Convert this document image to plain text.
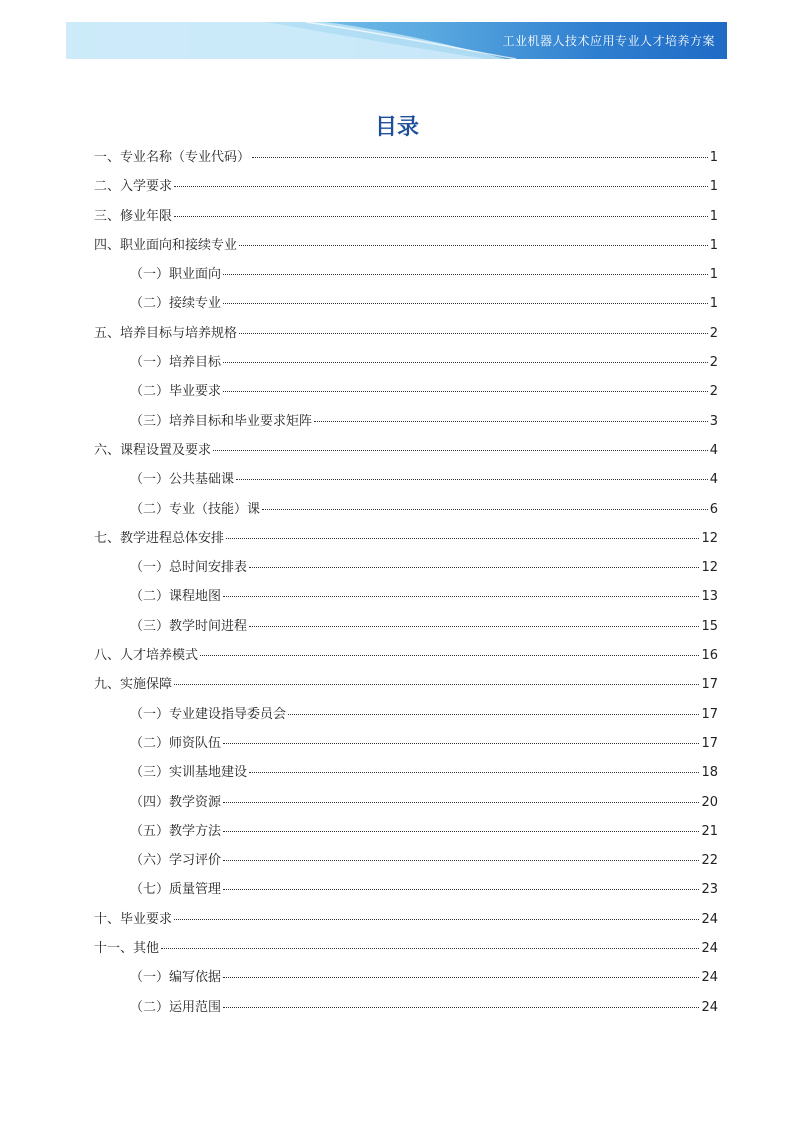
工业机器人技术应用专业人才培养方案
目录
一、专业名称（专业代码）	1
二、入学要求	1
三、修业年限	1
四、职业面向和接续专业	1
（一）职业面向	1
（二）接续专业	1
五、培养目标与培养规格	2
（一）培养目标	2
（二）毕业要求	2
（三）培养目标和毕业要求矩阵	3
六、课程设置及要求	4
（一）公共基础课	4
（二）专业（技能）课	6
七、教学进程总体安排	12
（一）总时间安排表	12
（二）课程地图	13
（三）教学时间进程	15
八、人才培养模式	16
九、实施保障	17
（一）专业建设指导委员会	17
（二）师资队伍	17
（三）实训基地建设	18
（四）教学资源	20
（五）教学方法	21
（六）学习评价	22
（七）质量管理	23
十、毕业要求	24
十一、其他	24
（一）编写依据	24
（二）运用范围	24
